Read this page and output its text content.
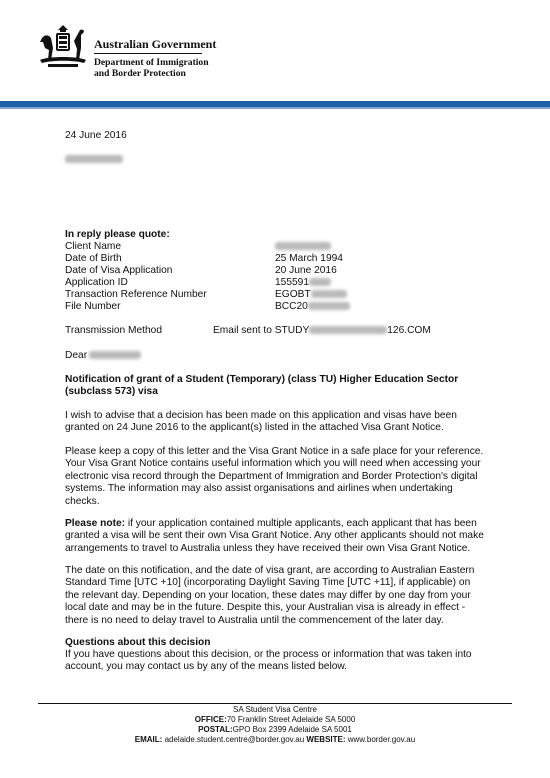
Australian Government
Department of Immigration
and Border Protection
24 June 2016
In reply please quote:
Client Name
Date of Birth	25 March 1994
Date of Visa Application	20 June 2016
Application ID	155591
Transaction Reference Number	EGOBT
File Number	BCC20
Transmission Method	Email sent to STUDY	126.COM
Dear
Notification of grant of a Student (Temporary) (class TU) Higher Education Sector (subclass 573) visa
I wish to advise that a decision has been made on this application and visas have been granted on 24 June 2016 to the applicant(s) listed in the attached Visa Grant Notice.
Please keep a copy of this letter and the Visa Grant Notice in a safe place for your reference. Your Visa Grant Notice contains useful information which you will need when accessing your electronic visa record through the Department of Immigration and Border Protection's digital systems. The information may also assist organisations and airlines when undertaking checks.
Please note: if your application contained multiple applicants, each applicant that has been granted a visa will be sent their own Visa Grant Notice. Any other applicants should not make arrangements to travel to Australia unless they have received their own Visa Grant Notice.
The date on this notification, and the date of visa grant, are according to Australian Eastern Standard Time [UTC +10] (incorporating Daylight Saving Time [UTC +11], if applicable) on the relevant day. Depending on your location, these dates may differ by one day from your local date and may be in the future. Despite this, your Australian visa is already in effect - there is no need to delay travel to Australia until the commencement of the later day.
Questions about this decision
If you have questions about this decision, or the process or information that was taken into account, you may contact us by any of the means listed below.
SA Student Visa Centre
OFFICE:70 Franklin Street Adelaide SA 5000
POSTAL:GPO Box 2399 Adelaide SA 5001
EMAIL: adelaide.student.centre@border.gov.au WEBSITE: www.border.gov.au
